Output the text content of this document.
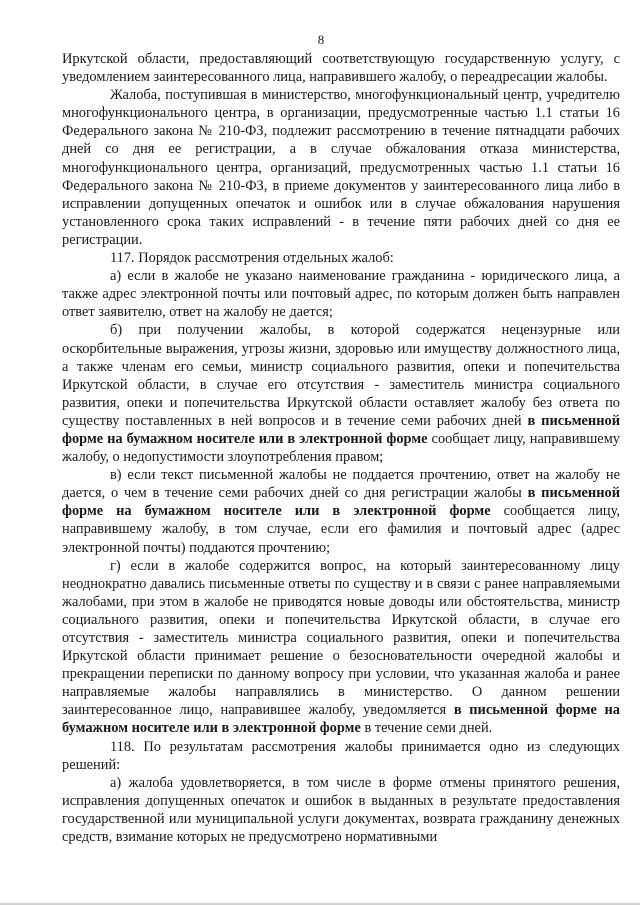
8

Иркутской области, предоставляющий соответствующую государственную услугу, с уведомлением заинтересованного лица, направившего жалобу, о переадресации жалобы.

Жалоба, поступившая в министерство, многофункциональный центр, учредителю многофункционального центра, в организации, предусмотренные частью 1.1 статьи 16 Федерального закона № 210-ФЗ, подлежит рассмотрению в течение пятнадцати рабочих дней со дня ее регистрации, а в случае обжалования отказа министерства, многофункционального центра, организаций, предусмотренных частью 1.1 статьи 16 Федерального закона № 210-ФЗ, в приеме документов у заинтересованного лица либо в исправлении допущенных опечаток и ошибок или в случае обжалования нарушения установленного срока таких исправлений - в течение пяти рабочих дней со дня ее регистрации.

117. Порядок рассмотрения отдельных жалоб:

а) если в жалобе не указано наименование гражданина - юридического лица, а также адрес электронной почты или почтовый адрес, по которым должен быть направлен ответ заявителю, ответ на жалобу не дается;

б) при получении жалобы, в которой содержатся нецензурные или оскорбительные выражения, угрозы жизни, здоровью или имуществу должностного лица, а также членам его семьи, министр социального развития, опеки и попечительства Иркутской области, в случае его отсутствия - заместитель министра социального развития, опеки и попечительства Иркутской области оставляет жалобу без ответа по существу поставленных в ней вопросов и в течение семи рабочих дней в письменной форме на бумажном носителе или в электронной форме сообщает лицу, направившему жалобу, о недопустимости злоупотребления правом;

в) если текст письменной жалобы не поддается прочтению, ответ на жалобу не дается, о чем в течение семи рабочих дней со дня регистрации жалобы в письменной форме на бумажном носителе или в электронной форме сообщается лицу, направившему жалобу, в том случае, если его фамилия и почтовый адрес (адрес электронной почты) поддаются прочтению;

г) если в жалобе содержится вопрос, на который заинтересованному лицу неоднократно давались письменные ответы по существу и в связи с ранее направляемыми жалобами, при этом в жалобе не приводятся новые доводы или обстоятельства, министр социального развития, опеки и попечительства Иркутской области, в случае его отсутствия - заместитель министра социального развития, опеки и попечительства Иркутской области принимает решение о безосновательности очередной жалобы и прекращении переписки по данному вопросу при условии, что указанная жалоба и ранее направляемые жалобы направлялись в министерство. О данном решении заинтересованное лицо, направившее жалобу, уведомляется в письменной форме на бумажном носителе или в электронной форме в течение семи дней.

118. По результатам рассмотрения жалобы принимается одно из следующих решений:

а) жалоба удовлетворяется, в том числе в форме отмены принятого решения, исправления допущенных опечаток и ошибок в выданных в результате предоставления государственной или муниципальной услуги документах, возврата гражданину денежных средств, взимание которых не предусмотрено нормативными
